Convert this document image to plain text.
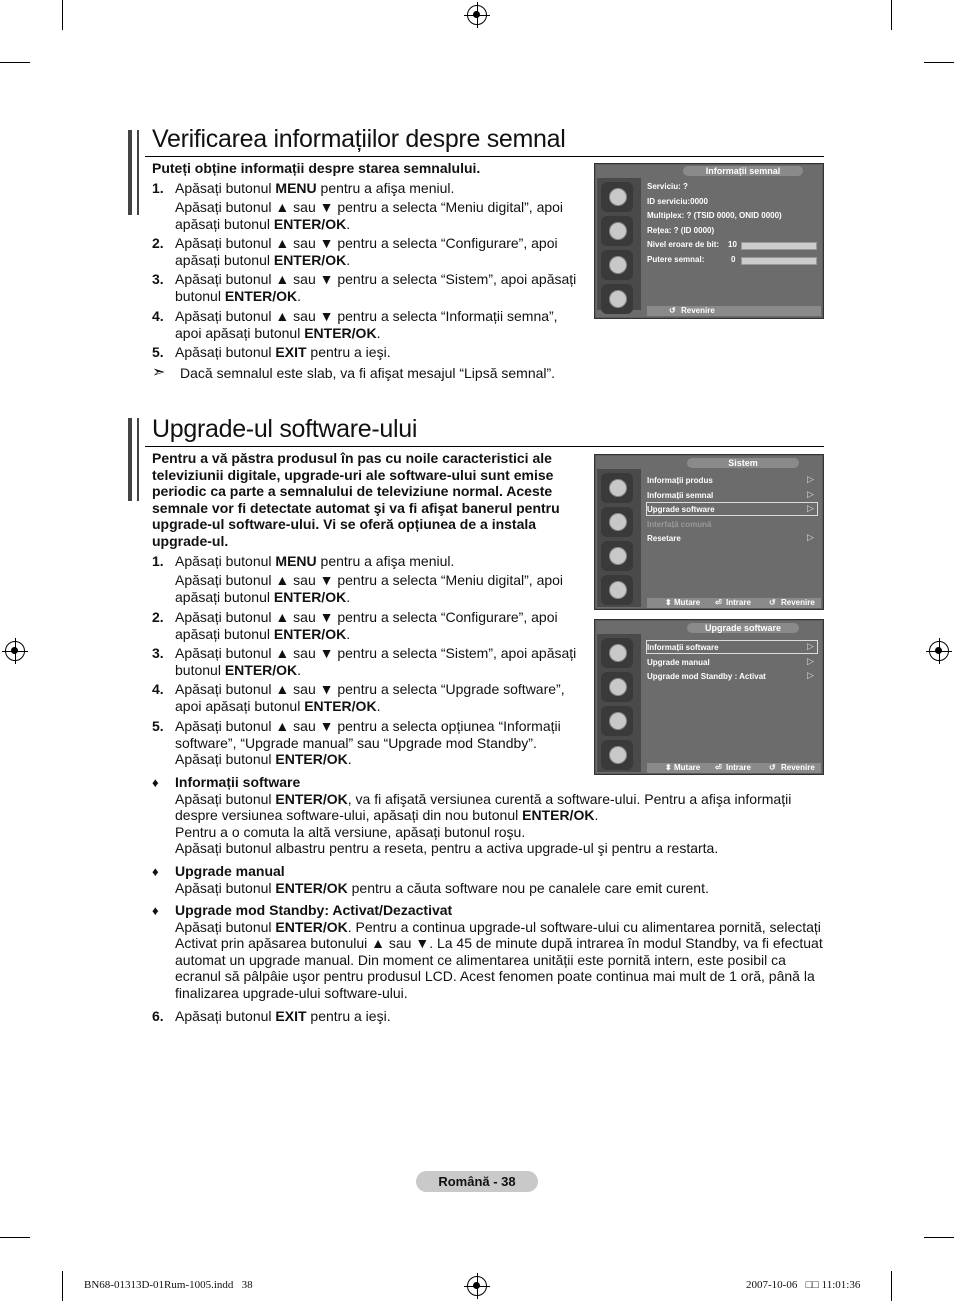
Verificarea informațiilor despre semnal
Puteți obține informații despre starea semnalului.
1. Apăsați butonul MENU pentru a afişa meniul.
Apăsați butonul ▲ sau ▼ pentru a selecta “Meniu digital”, apoi apăsați butonul ENTER/OK.
2. Apăsați butonul ▲ sau ▼ pentru a selecta “Configurare”, apoi apăsați butonul ENTER/OK.
3. Apăsați butonul ▲ sau ▼ pentru a selecta “Sistem”, apoi apăsați butonul ENTER/OK.
4. Apăsați butonul ▲ sau ▼ pentru a selecta “Informații semna”, apoi apăsați butonul ENTER/OK.
5. Apăsați butonul EXIT pentru a ieşi.
➣ Dacă semnalul este slab, va fi afişat mesajul “Lipsă semnal”.
Informații semnal
Serviciu: ?
ID serviciu:0000
Multiplex: ? (TSID 0000, ONID 0000)
Rețea: ? (ID 0000)
Nivel eroare de bit: 10
Putere semnal:	0
↺ Revenire
Upgrade-ul software-ului
Pentru a vă păstra produsul în pas cu noile caracteristici ale televiziunii digitale, upgrade-uri ale software-ului sunt emise periodic ca parte a semnalului de televiziune normal. Aceste semnale vor fi detectate automat şi va fi afişat banerul pentru upgrade-ul software-ului. Vi se oferă opțiunea de a instala upgrade-ul.
1. Apăsați butonul MENU pentru a afişa meniul.
Apăsați butonul ▲ sau ▼ pentru a selecta “Meniu digital”, apoi apăsați butonul ENTER/OK.
2. Apăsați butonul ▲ sau ▼ pentru a selecta “Configurare”, apoi apăsați butonul ENTER/OK.
3. Apăsați butonul ▲ sau ▼ pentru a selecta “Sistem”, apoi apăsați butonul ENTER/OK.
4. Apăsați butonul ▲ sau ▼ pentru a selecta “Upgrade software”, apoi apăsați butonul ENTER/OK.
5. Apăsați butonul ▲ sau ▼ pentru a selecta opțiunea “Informații software”, “Upgrade manual” sau “Upgrade mod Standby”. Apăsați butonul ENTER/OK.
♦ Informații software
Apăsați butonul ENTER/OK, va fi afişată versiunea curentă a software-ului. Pentru a afişa informații despre versiunea software-ului, apăsați din nou butonul ENTER/OK.
Pentru a o comuta la altă versiune, apăsați butonul roşu.
Apăsați butonul albastru pentru a reseta, pentru a activa upgrade-ul şi pentru a restarta.
♦ Upgrade manual
Apăsați butonul ENTER/OK pentru a căuta software nou pe canalele care emit curent.
♦ Upgrade mod Standby: Activat/Dezactivat
Apăsați butonul ENTER/OK. Pentru a continua upgrade-ul software-ului cu alimentarea pornită, selectați Activat prin apăsarea butonului ▲ sau ▼. La 45 de minute după intrarea în modul Standby, va fi efectuat automat un upgrade manual. Din moment ce alimentarea unității este pornită intern, este posibil ca ecranul să pâlpâie uşor pentru produsul LCD. Acest fenomen poate continua mai mult de 1 oră, până la finalizarea upgrade-ului software-ului.
6. Apăsați butonul EXIT pentru a ieşi.
Sistem
Informații produs	▷
Informații semnal	▷
Upgrade software	▷
Interfață comună
Resetare	▷
⬍ Mutare ⏎ Intrare ↺ Revenire
Upgrade software
Informații software	▷
Upgrade manual	▷
Upgrade mod Standby : Activat	▷
⬍ Mutare ⏎ Intrare ↺ Revenire
Română - 38
BN68-01313D-01Rum-1005.indd   38	2007-10-06   □□ 11:01:36
